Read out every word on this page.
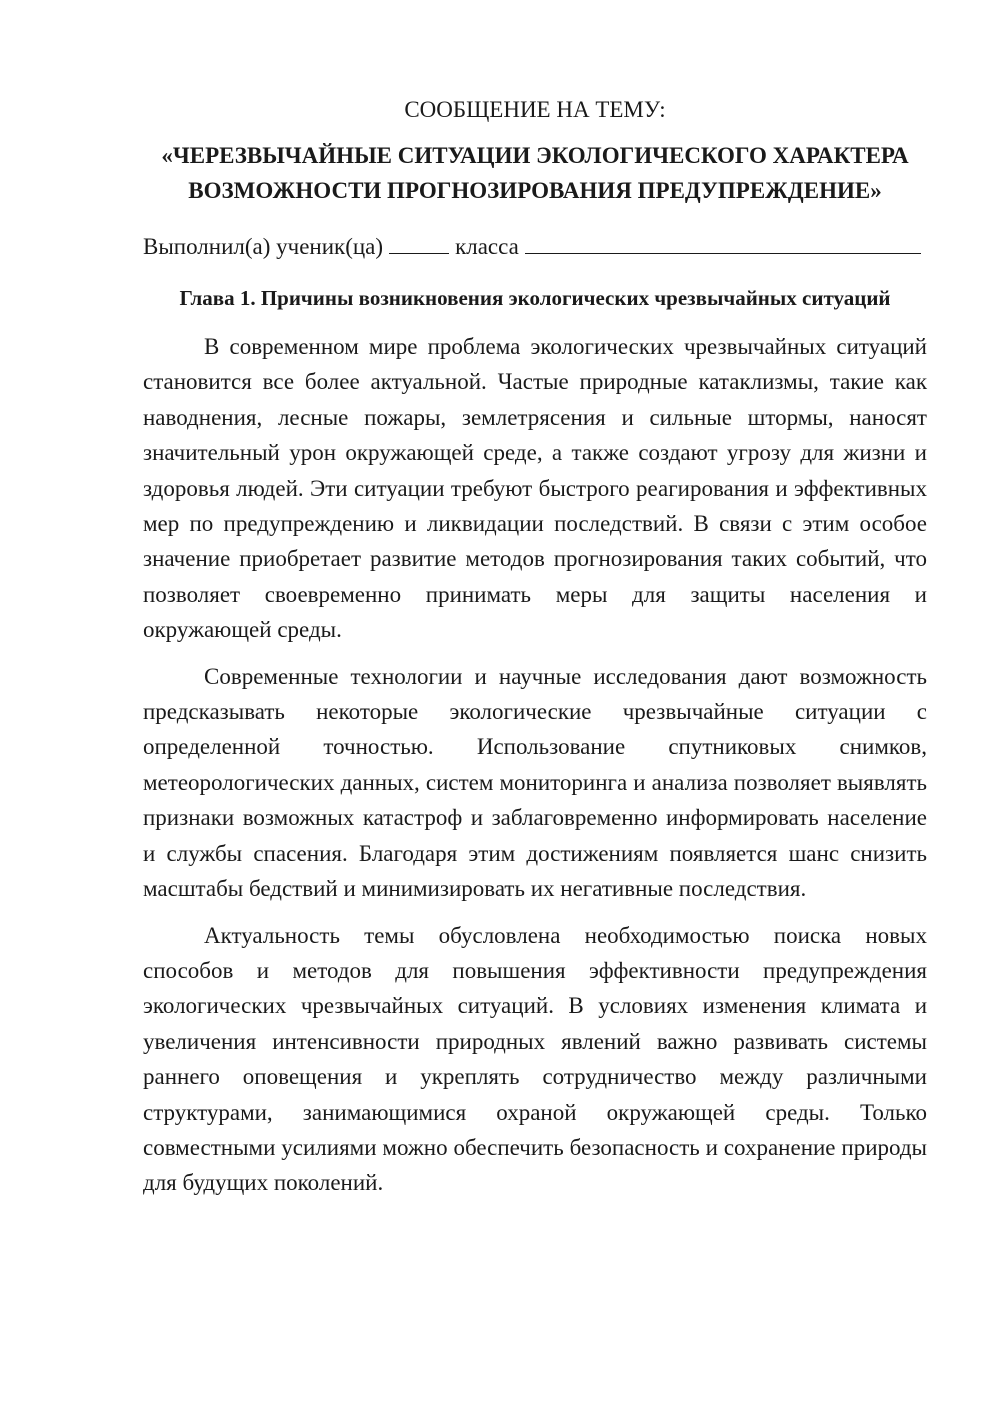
СООБЩЕНИЕ НА ТЕМУ:
«ЧЕРЕЗВЫЧАЙНЫЕ СИТУАЦИИ ЭКОЛОГИЧЕСКОГО ХАРАКТЕРА ВОЗМОЖНОСТИ ПРОГНОЗИРОВАНИЯ ПРЕДУПРЕЖДЕНИЕ»
Выполнил(а) ученик(ца)	класса
Глава 1. Причины возникновения экологических чрезвычайных ситуаций

В современном мире проблема экологических чрезвычайных ситуаций становится все более актуальной. Частые природные катаклизмы, такие как наводнения, лесные пожары, землетрясения и сильные штормы, наносят значительный урон окружающей среде, а также создают угрозу для жизни и здоровья людей. Эти ситуации требуют быстрого реагирования и эффективных мер по предупреждению и ликвидации последствий. В связи с этим особое значение приобретает развитие методов прогнозирования таких событий, что позволяет своевременно принимать меры для защиты населения и окружающей среды.

Современные технологии и научные исследования дают возможность предсказывать некоторые экологические чрезвычайные ситуации с определенной точностью. Использование спутниковых снимков, метеорологических данных, систем мониторинга и анализа позволяет выявлять признаки возможных катастроф и заблаговременно информировать население и службы спасения. Благодаря этим достижениям появляется шанс снизить масштабы бедствий и минимизировать их негативные последствия.

Актуальность темы обусловлена необходимостью поиска новых способов и методов для повышения эффективности предупреждения экологических чрезвычайных ситуаций. В условиях изменения климата и увеличения интенсивности природных явлений важно развивать системы раннего оповещения и укреплять сотрудничество между различными структурами, занимающимися охраной окружающей среды. Только совместными усилиями можно обеспечить безопасность и сохранение природы для будущих поколений.
